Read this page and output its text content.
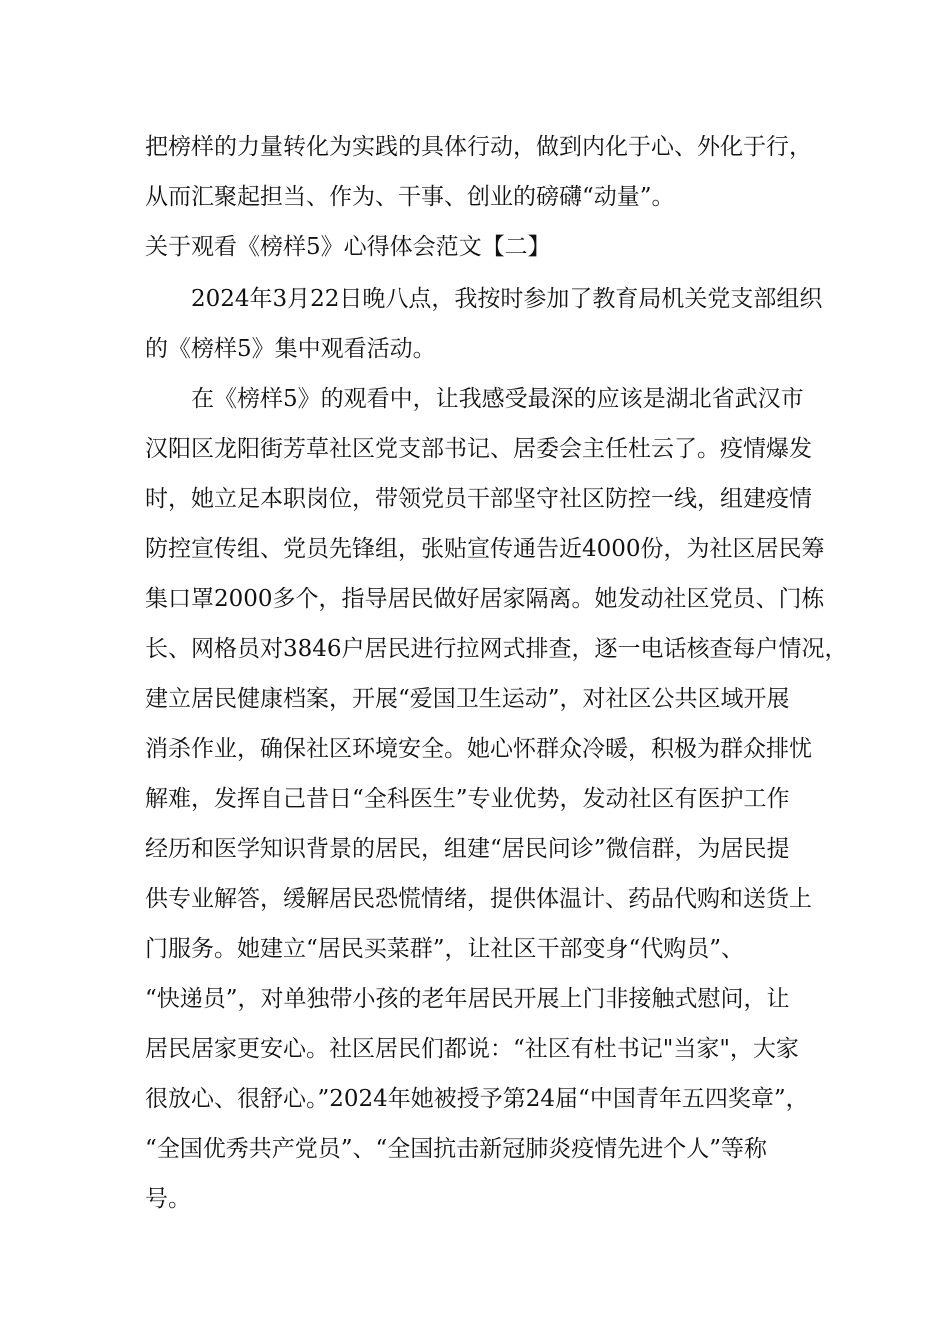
把榜样的力量转化为实践的具体行动，做到内化于心、外化于行，
从而汇聚起担当、作为、干事、创业的磅礴“动量”。
关于观看《榜样5》心得体会范文【二】
　　2024年3月22日晚八点，我按时参加了教育局机关党支部组织
的《榜样5》集中观看活动。
　　在《榜样5》的观看中，让我感受最深的应该是湖北省武汉市
汉阳区龙阳街芳草社区党支部书记、居委会主任杜云了。疫情爆发
时，她立足本职岗位，带领党员干部坚守社区防控一线，组建疫情
防控宣传组、党员先锋组，张贴宣传通告近4000份，为社区居民筹
集口罩2000多个，指导居民做好居家隔离。她发动社区党员、门栋
长、网格员对3846户居民进行拉网式排查，逐一电话核查每户情况，
建立居民健康档案，开展“爱国卫生运动”，对社区公共区域开展
消杀作业，确保社区环境安全。她心怀群众冷暖，积极为群众排忧
解难，发挥自己昔日“全科医生”专业优势，发动社区有医护工作
经历和医学知识背景的居民，组建“居民问诊”微信群，为居民提
供专业解答，缓解居民恐慌情绪，提供体温计、药品代购和送货上
门服务。她建立“居民买菜群”，让社区干部变身“代购员”、
“快递员”，对单独带小孩的老年居民开展上门非接触式慰问，让
居民居家更安心。社区居民们都说：“社区有杜书记"当家"，大家
很放心、很舒心。”2024年她被授予第24届“中国青年五四奖章”，
“全国优秀共产党员”、“全国抗击新冠肺炎疫情先进个人”等称
号。
